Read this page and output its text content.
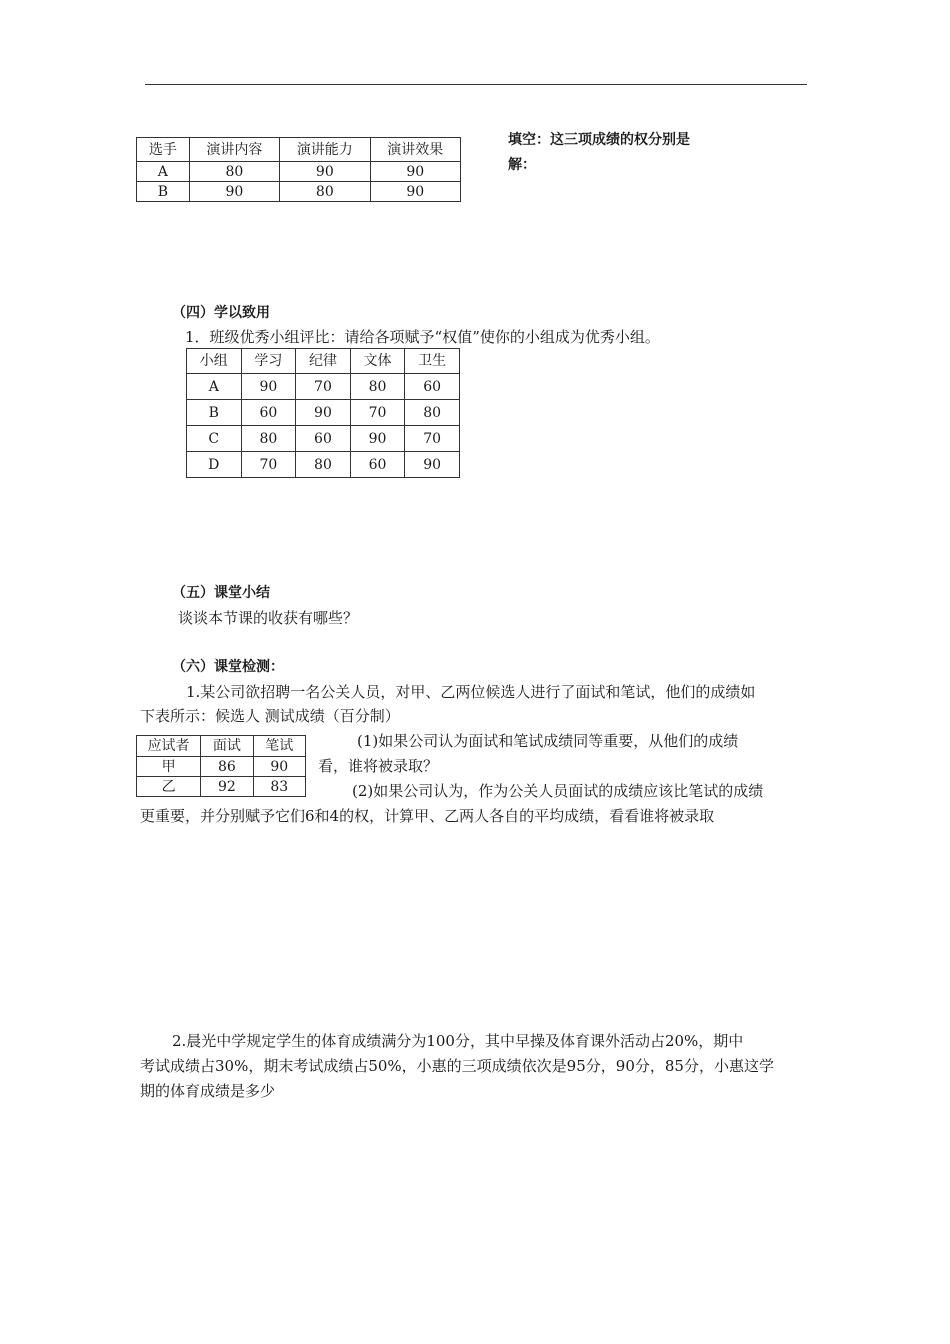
选手	演讲内容	演讲能力	演讲效果
A	80	90	90
B	90	80	90
填空：这三项成绩的权分别是
解：
（四）学以致用
1．班级优秀小组评比：请给各项赋予“权值”使你的小组成为优秀小组。
小组	学习	纪律	文体	卫生
A	90	70	80	60
B	60	90	70	80
C	80	60	90	70
D	70	80	60	90
（五）课堂小结
谈谈本节课的收获有哪些？
（六）课堂检测：
1.某公司欲招聘一名公关人员，对甲、乙两位候选人进行了面试和笔试，他们的成绩如
下表所示：候选人 测试成绩（百分制）
应试者	面试	笔试
甲	86	90
乙	92	83
(1)如果公司认为面试和笔试成绩同等重要，从他们的成绩
看，谁将被录取？
(2)如果公司认为，作为公关人员面试的成绩应该比笔试的成绩
更重要，并分别赋予它们6和4的权，计算甲、乙两人各自的平均成绩，看看谁将被录取
2.晨光中学规定学生的体育成绩满分为100分，其中早操及体育课外活动占20%，期中
考试成绩占30%，期末考试成绩占50%，小惠的三项成绩依次是95分，90分，85分，小惠这学
期的体育成绩是多少
